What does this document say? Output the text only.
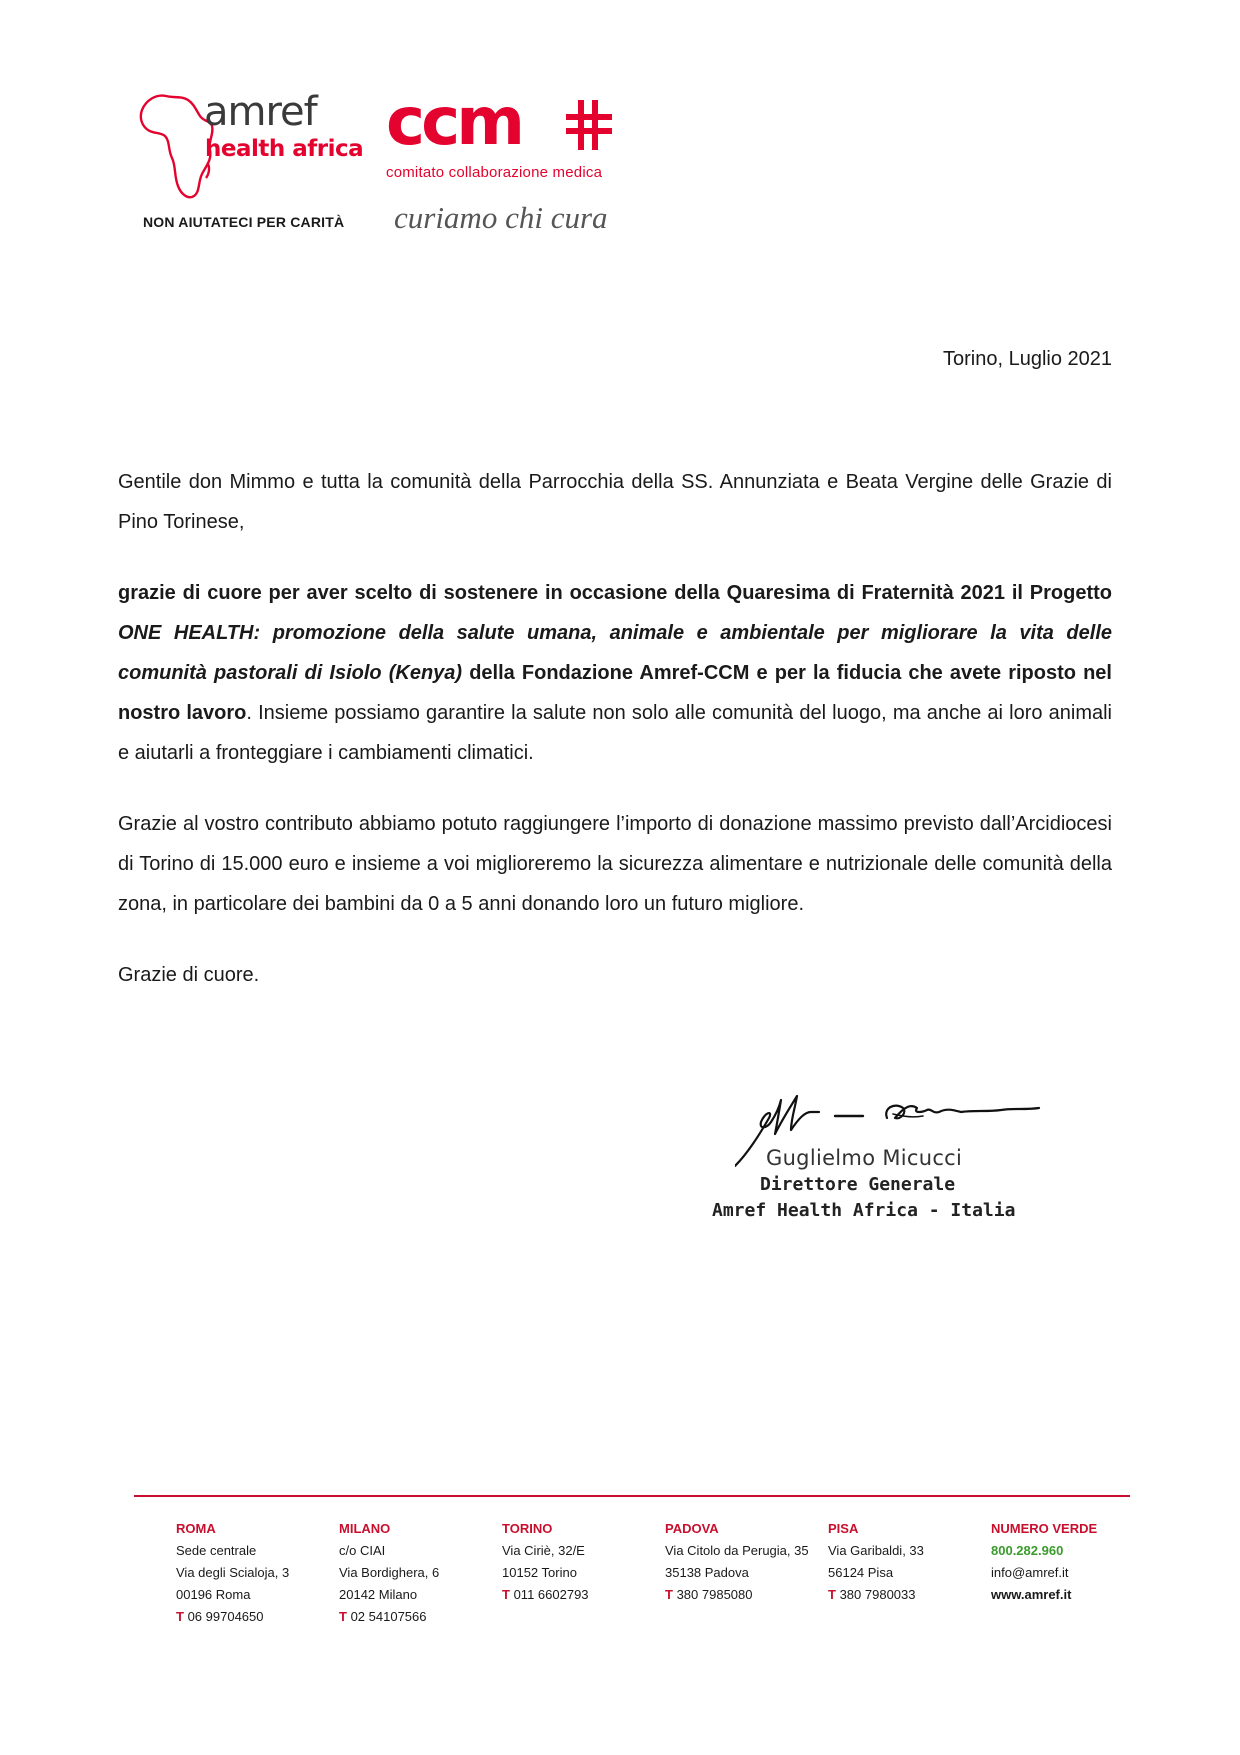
amref
health africa
NON AIUTATECI PER CARITÀ
ccm
comitato collaborazione medica
curiamo chi cura
Torino, Luglio 2021

Gentile don Mimmo e tutta la comunità della Parrocchia della SS. Annunziata e Beata Vergine delle Grazie di Pino Torinese,

grazie di cuore per aver scelto di sostenere in occasione della Quaresima di Fraternità 2021 il Progetto ONE HEALTH: promozione della salute umana, animale e ambientale per migliorare la vita delle comunità pastorali di Isiolo (Kenya) della Fondazione Amref-CCM e per la fiducia che avete riposto nel nostro lavoro. Insieme possiamo garantire la salute non solo alle comunità del luogo, ma anche ai loro animali e aiutarli a fronteggiare i cambiamenti climatici.

Grazie al vostro contributo abbiamo potuto raggiungere l’importo di donazione massimo previsto dall’Arcidiocesi di Torino di 15.000 euro e insieme a voi miglioreremo la sicurezza alimentare e nutrizionale delle comunità della zona, in particolare dei bambini da 0 a 5 anni donando loro un futuro migliore.

Grazie di cuore.

Guglielmo Micucci
Direttore Generale
Amref Health Africa - Italia
ROMA
Sede centrale
Via degli Scialoja, 3
00196 Roma
T 06 99704650
MILANO
c/o CIAI
Via Bordighera, 6
20142 Milano
T 02 54107566
TORINO
Via Ciriè, 32/E
10152 Torino
T 011 6602793
PADOVA
Via Citolo da Perugia, 35
35138 Padova
T 380 7985080
PISA
Via Garibaldi, 33
56124 Pisa
T 380 7980033
NUMERO VERDE
800.282.960
info@amref.it
www.amref.it
